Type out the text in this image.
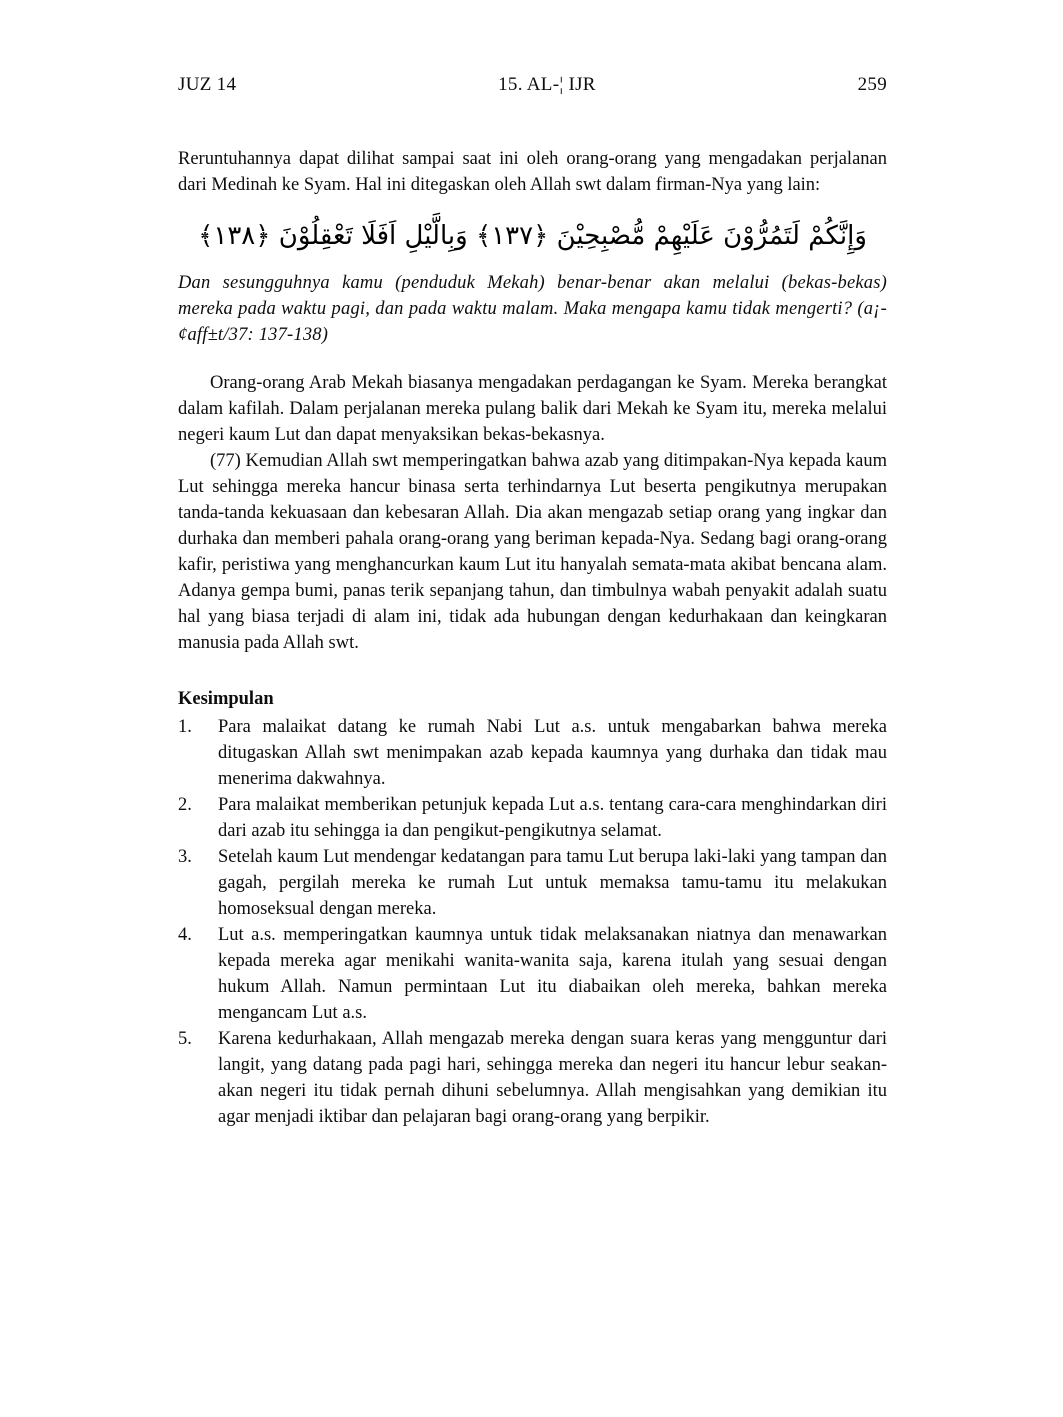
JUZ 14	15. AL-¦ IJR	259

Reruntuhannya dapat dilihat sampai saat ini oleh orang-orang yang mengadakan perjalanan dari Medinah ke Syam. Hal ini ditegaskan oleh Allah swt dalam firman-Nya yang lain:

وَإِنَّكُمْ لَتَمُرُّوْنَ عَلَيْهِمْ مُّصْبِحِيْنَ ﴿١٣٧﴾ وَبِالَّيْلِ اَفَلَا تَعْقِلُوْنَ ﴿١٣٨﴾

Dan sesungguhnya kamu (penduduk Mekah) benar-benar akan melalui (bekas-bekas) mereka pada waktu pagi, dan pada waktu malam. Maka mengapa kamu tidak mengerti? (a¡-¢aff±t/37: 137-138)

Orang-orang Arab Mekah biasanya mengadakan perdagangan ke Syam. Mereka berangkat dalam kafilah. Dalam perjalanan mereka pulang balik dari Mekah ke Syam itu, mereka melalui negeri kaum Lut dan dapat menyaksikan bekas-bekasnya.

(77) Kemudian Allah swt memperingatkan bahwa azab yang ditimpakan-Nya kepada kaum Lut sehingga mereka hancur binasa serta terhindarnya Lut beserta pengikutnya merupakan tanda-tanda kekuasaan dan kebesaran Allah. Dia akan mengazab setiap orang yang ingkar dan durhaka dan memberi pahala orang-orang yang beriman kepada-Nya. Sedang bagi orang-orang kafir, peristiwa yang menghancurkan kaum Lut itu hanyalah semata-mata akibat bencana alam. Adanya gempa bumi, panas terik sepanjang tahun, dan timbulnya wabah penyakit adalah suatu hal yang biasa terjadi di alam ini, tidak ada hubungan dengan kedurhakaan dan keingkaran manusia pada Allah swt.

Kesimpulan
1.	Para malaikat datang ke rumah Nabi Lut a.s. untuk mengabarkan bahwa mereka ditugaskan Allah swt menimpakan azab kepada kaumnya yang durhaka dan tidak mau menerima dakwahnya.
2.	Para malaikat memberikan petunjuk kepada Lut a.s. tentang cara-cara menghindarkan diri dari azab itu sehingga ia dan pengikut-pengikutnya selamat.
3.	Setelah kaum Lut mendengar kedatangan para tamu Lut berupa laki-laki yang tampan dan gagah, pergilah mereka ke rumah Lut untuk memaksa tamu-tamu itu melakukan homoseksual dengan mereka.
4.	Lut a.s. memperingatkan kaumnya untuk tidak melaksanakan niatnya dan menawarkan kepada mereka agar menikahi wanita-wanita saja, karena itulah yang sesuai dengan hukum Allah. Namun permintaan Lut itu diabaikan oleh mereka, bahkan mereka mengancam Lut a.s.
5.	Karena kedurhakaan, Allah mengazab mereka dengan suara keras yang mengguntur dari langit, yang datang pada pagi hari, sehingga mereka dan negeri itu hancur lebur seakan-akan negeri itu tidak pernah dihuni sebelumnya. Allah mengisahkan yang demikian itu agar menjadi iktibar dan pelajaran bagi orang-orang yang berpikir.
